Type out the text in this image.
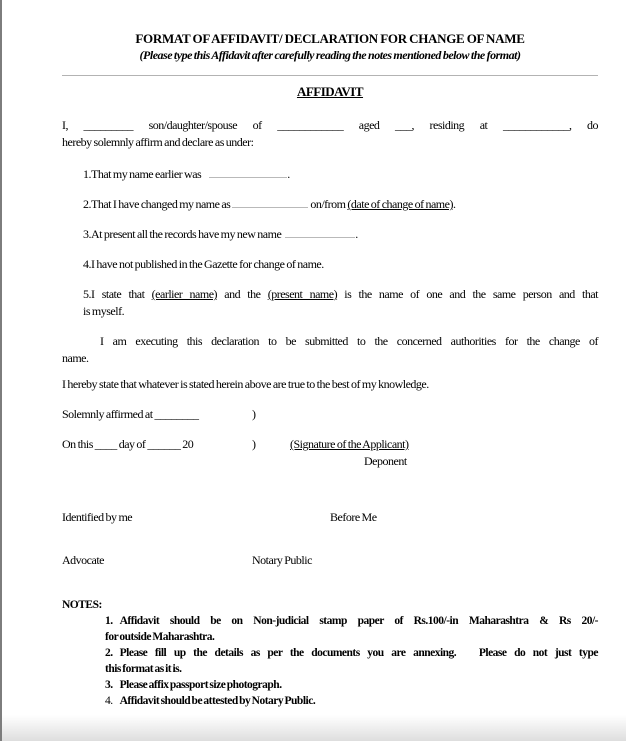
FORMAT OF AFFIDAVIT/ DECLARATION FOR CHANGE OF NAME
(Please type this Affidavit after carefully reading the notes mentioned below the format)
AFFIDAVIT
I, _________ son/daughter/spouse of ____________ aged ___, residing at ____________, do
hereby solemnly affirm and declare as under:
1.That my name earlier was	.
2.That I have changed my name as	on/from (date of change of name).
3.At present all the records have my new name	.
4.I have not published in the Gazette for change of name.
5.I state that (earlier name) and the (present name) is the name of one and the same person and that
is myself.
I am executing this declaration to be submitted to the concerned authorities for the change of
name.
I hereby state that whatever is stated herein above are true to the best of my knowledge.
Solemnly affirmed at ________	)
On this ____ day of ______ 20	)	(Signature of the Applicant)
Deponent
Identified by me	Before Me
Advocate	Notary Public
NOTES:
1. Affidavit should be on Non-judicial stamp paper of Rs.100/-in Maharashtra & Rs 20/-
for outside Maharashtra.
2. Please fill up the details as per the documents you are annexing.   Please do not just type
this format as it is.
3. Please affix passport size photograph.
4. Affidavit should be attested by Notary Public.
